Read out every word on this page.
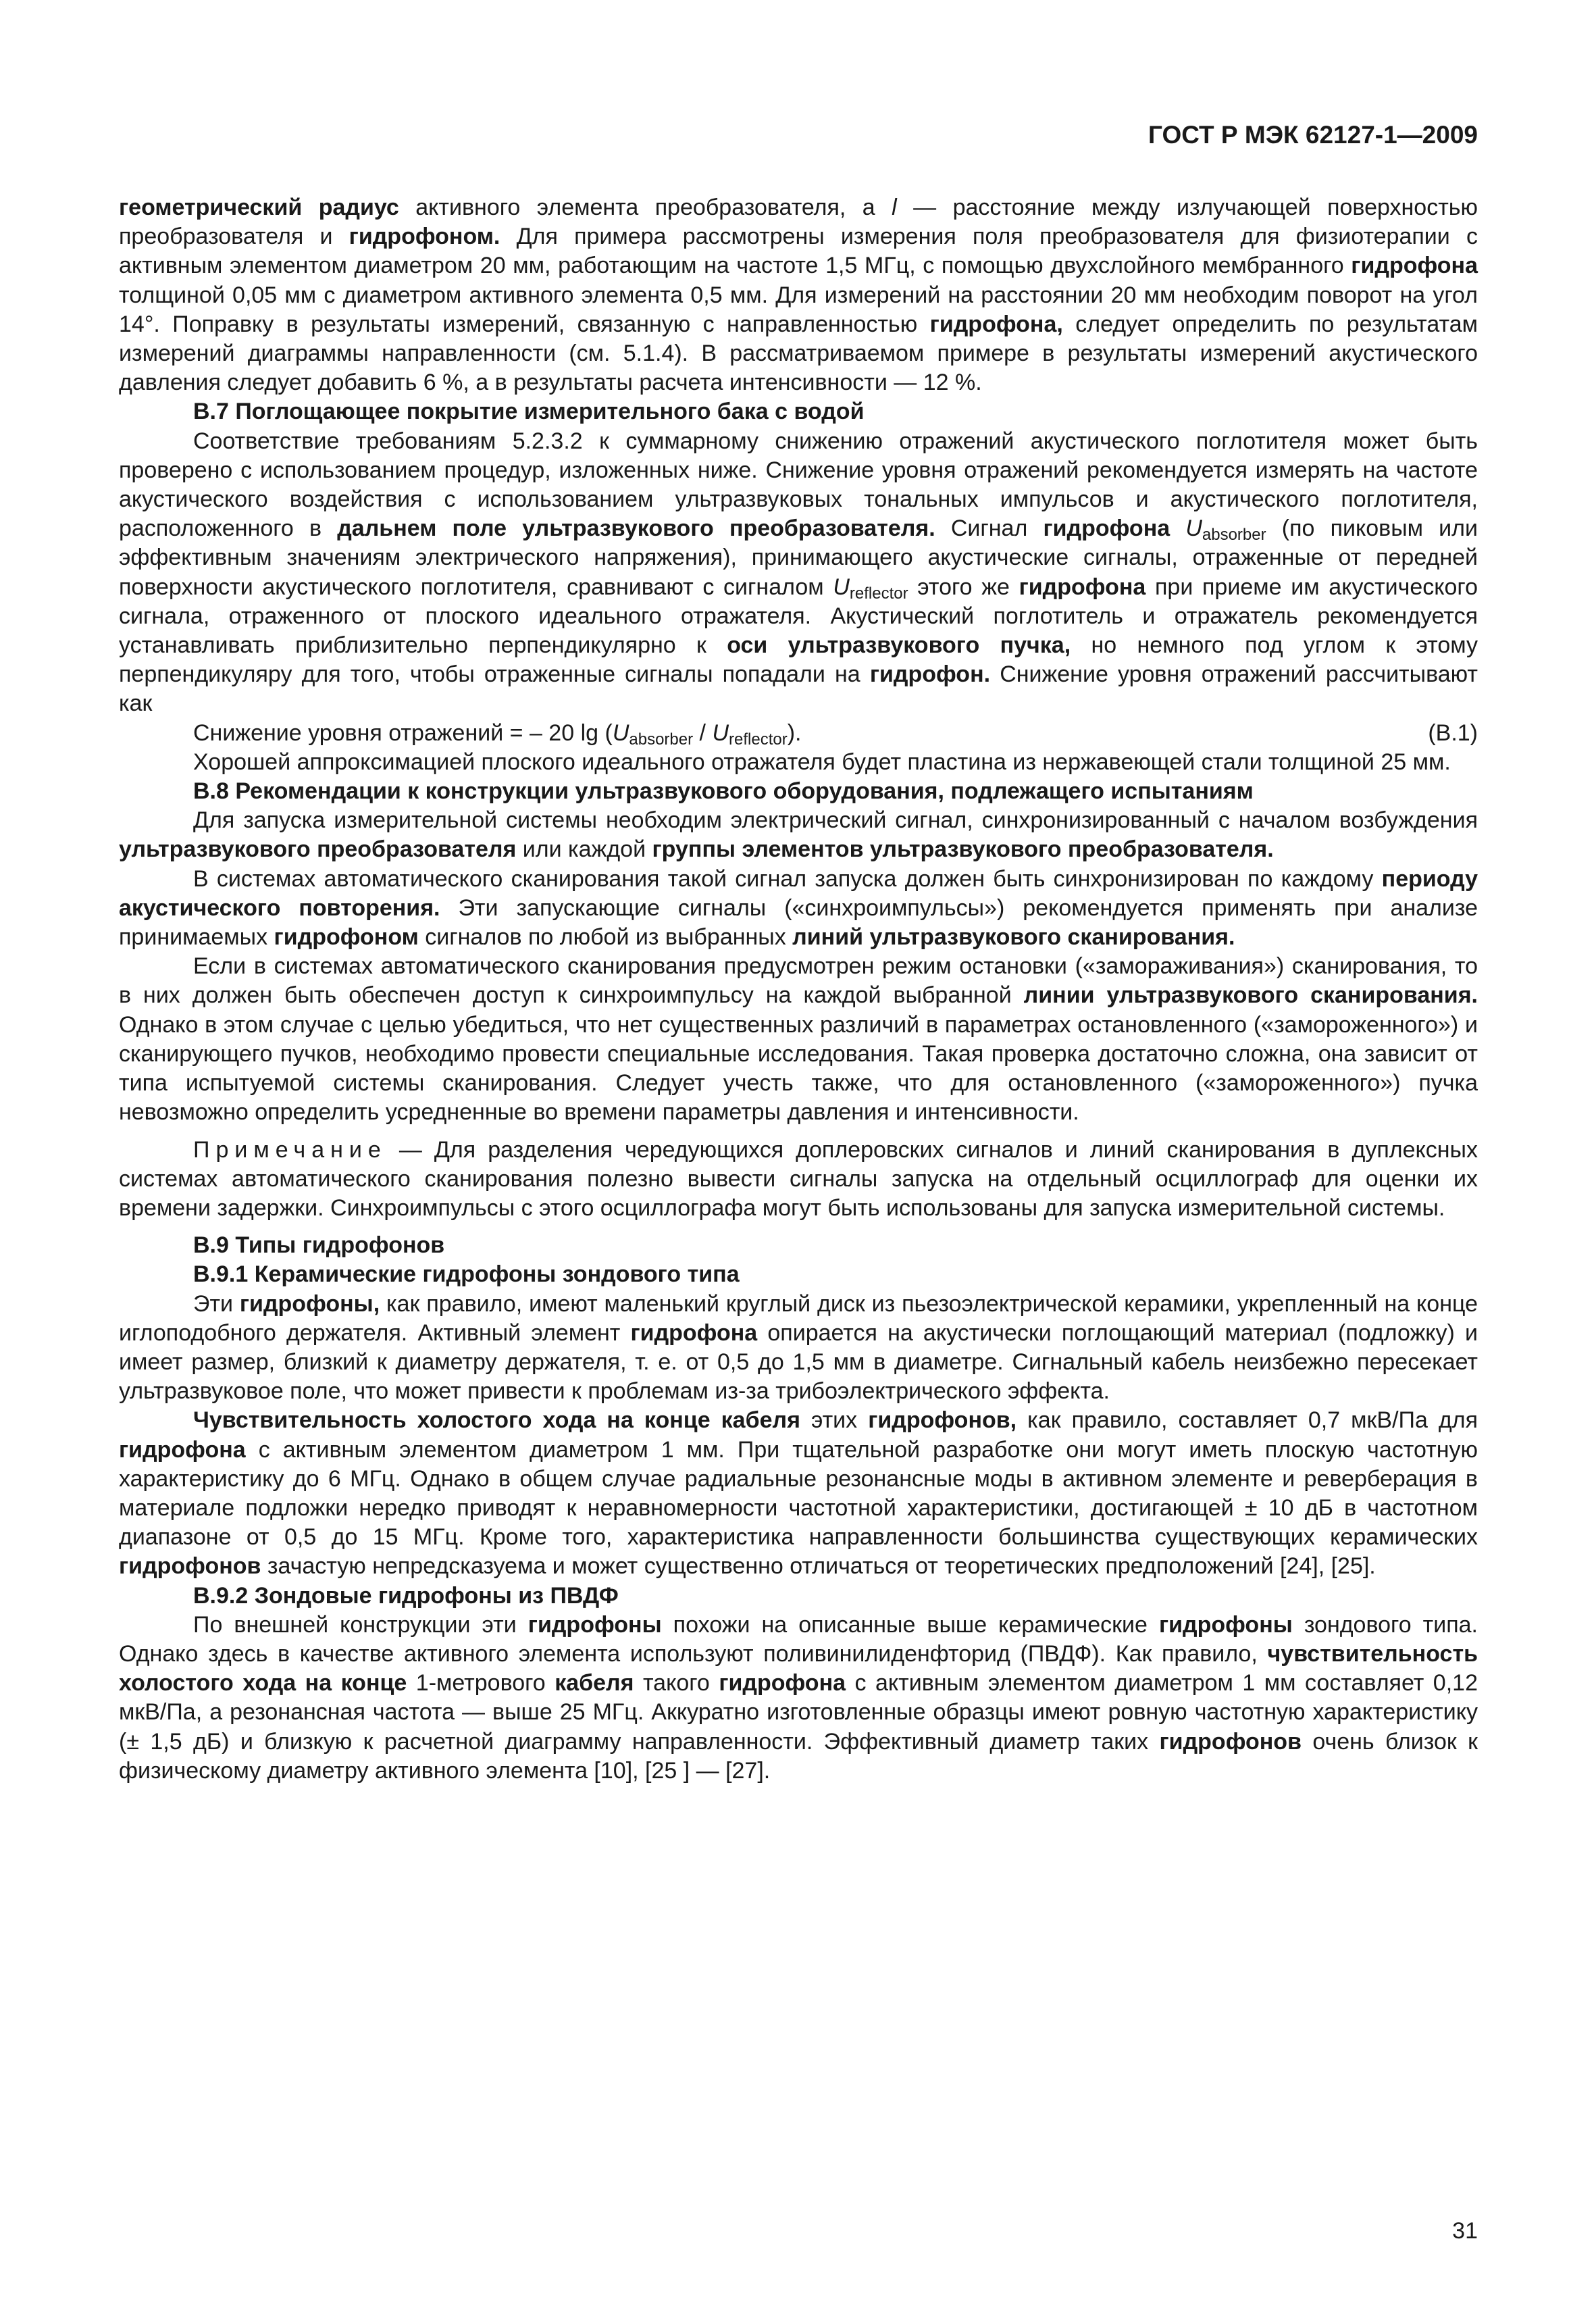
ГОСТ Р МЭК 62127-1—2009

геометрический радиус активного элемента преобразователя, а l — расстояние между излучающей поверхностью преобразователя и гидрофоном. Для примера рассмотрены измерения поля преобразователя для физиотерапии с активным элементом диаметром 20 мм, работающим на частоте 1,5 МГц, с помощью двухслойного мембранного гидрофона толщиной 0,05 мм с диаметром активного элемента 0,5 мм. Для измерений на расстоянии 20 мм необходим поворот на угол 14°. Поправку в результаты измерений, связанную с направленностью гидрофона, следует определить по результатам измерений диаграммы направленности (см. 5.1.4). В рассматриваемом примере в результаты измерений акустического давления следует добавить 6 %, а в результаты расчета интенсивности — 12 %.

B.7 Поглощающее покрытие измерительного бака с водой

Соответствие требованиям 5.2.3.2 к суммарному снижению отражений акустического поглотителя может быть проверено с использованием процедур, изложенных ниже. Снижение уровня отражений рекомендуется измерять на частоте акустического воздействия с использованием ультразвуковых тональных импульсов и акустического поглотителя, расположенного в дальнем поле ультразвукового преобразователя. Сигнал гидрофона $U_{absorber}$ (по пиковым или эффективным значениям электрического напряжения), принимающего акустические сигналы, отраженные от передней поверхности акустического поглотителя, сравнивают с сигналом $U_{reflector}$ этого же гидрофона при приеме им акустического сигнала, отраженного от плоского идеального отражателя. Акустический поглотитель и отражатель рекомендуется устанавливать приблизительно перпендикулярно к оси ультразвукового пучка, но немного под углом к этому перпендикуляру для того, чтобы отраженные сигналы попадали на гидрофон. Снижение уровня отражений рассчитывают как

Снижение уровня отражений = – 20 $\lg (U_{absorber} / U_{reflector})$.	(B.1)

Хорошей аппроксимацией плоского идеального отражателя будет пластина из нержавеющей стали толщиной 25 мм.

B.8 Рекомендации к конструкции ультразвукового оборудования, подлежащего испытаниям

Для запуска измерительной системы необходим электрический сигнал, синхронизированный с началом возбуждения ультразвукового преобразователя или каждой группы элементов ультразвукового преобразователя.

В системах автоматического сканирования такой сигнал запуска должен быть синхронизирован по каждому периоду акустического повторения. Эти запускающие сигналы («синхроимпульсы») рекомендуется применять при анализе принимаемых гидрофоном сигналов по любой из выбранных линий ультразвукового сканирования.

Если в системах автоматического сканирования предусмотрен режим остановки («замораживания») сканирования, то в них должен быть обеспечен доступ к синхроимпульсу на каждой выбранной линии ультразвукового сканирования. Однако в этом случае с целью убедиться, что нет существенных различий в параметрах остановленного («замороженного») и сканирующего пучков, необходимо провести специальные исследования. Такая проверка достаточно сложна, она зависит от типа испытуемой системы сканирования. Следует учесть также, что для остановленного («замороженного») пучка невозможно определить усредненные во времени параметры давления и интенсивности.

Примечание — Для разделения чередующихся доплеровских сигналов и линий сканирования в дуплексных системах автоматического сканирования полезно вывести сигналы запуска на отдельный осциллограф для оценки их времени задержки. Синхроимпульсы с этого осциллографа могут быть использованы для запуска измерительной системы.

B.9 Типы гидрофонов

B.9.1 Керамические гидрофоны зондового типа

Эти гидрофоны, как правило, имеют маленький круглый диск из пьезоэлектрической керамики, укрепленный на конце иглоподобного держателя. Активный элемент гидрофона опирается на акустически поглощающий материал (подложку) и имеет размер, близкий к диаметру держателя, т. е. от 0,5 до 1,5 мм в диаметре. Сигнальный кабель неизбежно пересекает ультразвуковое поле, что может привести к проблемам из-за трибоэлектрического эффекта.

Чувствительность холостого хода на конце кабеля этих гидрофонов, как правило, составляет 0,7 мкВ/Па для гидрофона с активным элементом диаметром 1 мм. При тщательной разработке они могут иметь плоскую частотную характеристику до 6 МГц. Однако в общем случае радиальные резонансные моды в активном элементе и реверберация в материале подложки нередко приводят к неравномерности частотной характеристики, достигающей ± 10 дБ в частотном диапазоне от 0,5 до 15 МГц. Кроме того, характеристика направленности большинства существующих керамических гидрофонов зачастую непредсказуема и может существенно отличаться от теоретических предположений [24], [25].

B.9.2 Зондовые гидрофоны из ПВДФ

По внешней конструкции эти гидрофоны похожи на описанные выше керамические гидрофоны зондового типа. Однако здесь в качестве активного элемента используют поливинилиденфторид (ПВДФ). Как правило, чувствительность холостого хода на конце 1-метрового кабеля такого гидрофона с активным элементом диаметром 1 мм составляет 0,12 мкВ/Па, а резонансная частота — выше 25 МГц. Аккуратно изготовленные образцы имеют ровную частотную характеристику (± 1,5 дБ) и близкую к расчетной диаграмму направленности. Эффективный диаметр таких гидрофонов очень близок к физическому диаметру активного элемента [10], [25 ] — [27].

31
